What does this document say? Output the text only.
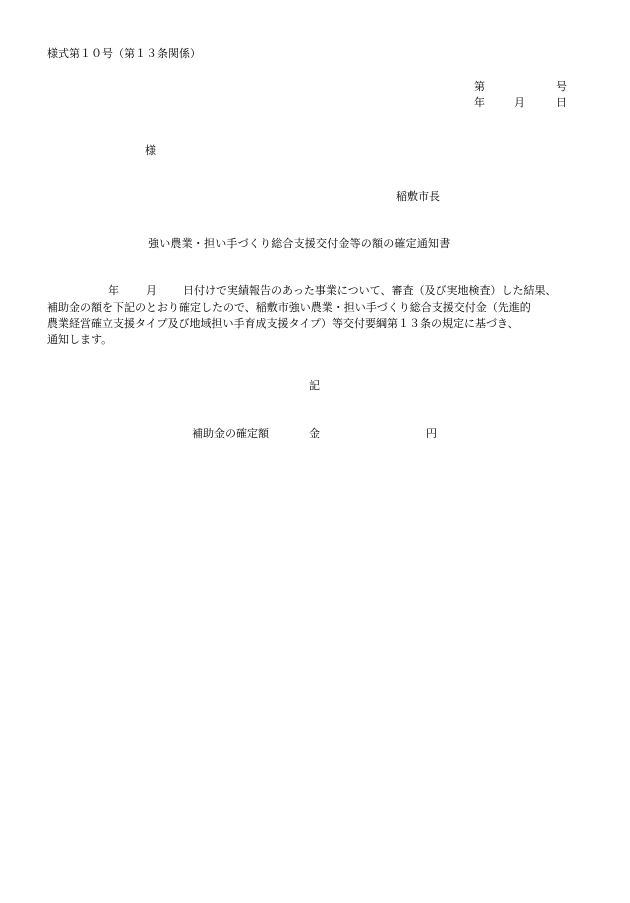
様式第１０号（第１３条関係）
第	号
年	月	日
様
稲敷市長
強い農業・担い手づくり総合支援交付金等の額の確定通知書
年 月 日付けで実績報告のあった事業について、審査（及び実地検査）した結果、
補助金の額を下記のとおり確定したので、稲敷市強い農業・担い手づくり総合支援交付金（先進的
農業経営確立支援タイプ及び地域担い手育成支援タイプ）等交付要綱第１３条の規定に基づき、
通知します。
記
補助金の確定額	金	円
